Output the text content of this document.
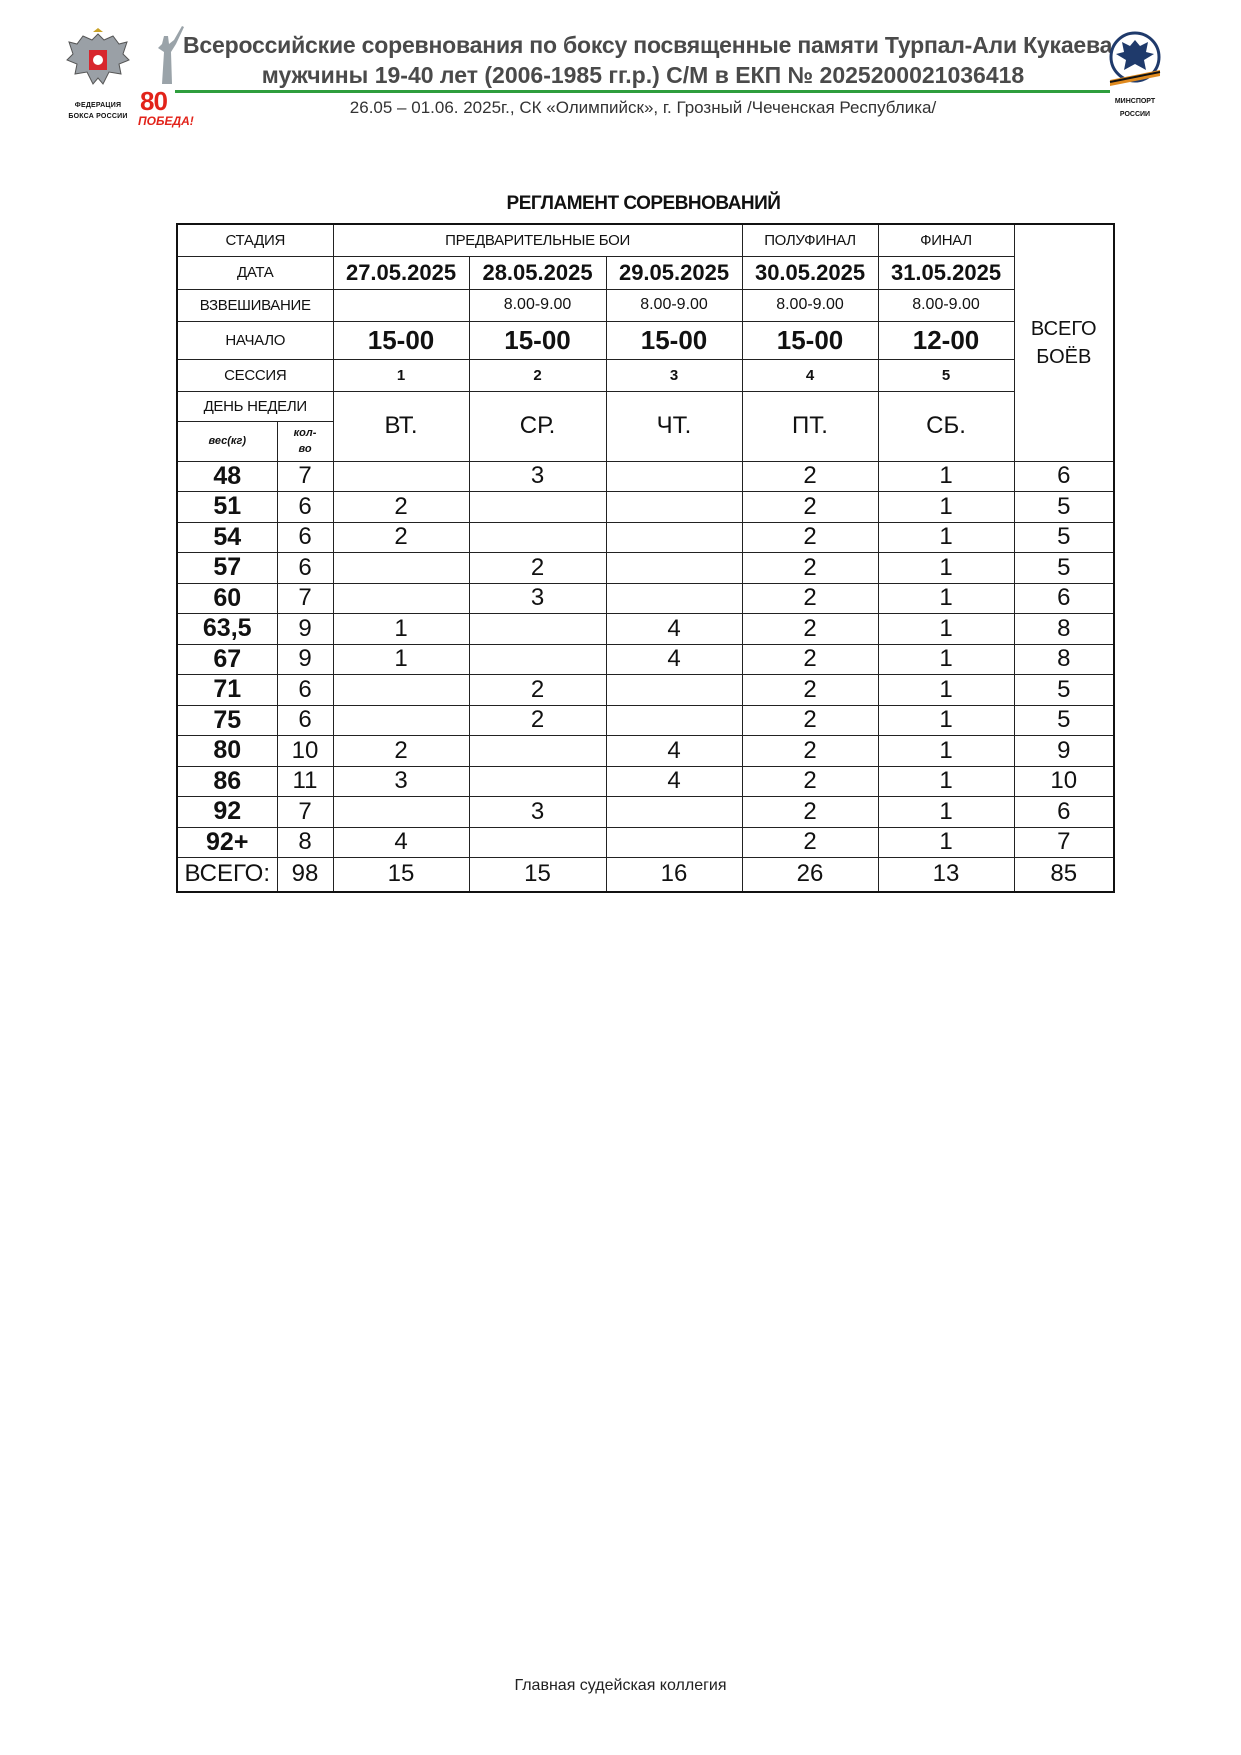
ФЕДЕРАЦИЯ
БОКСА РОССИИ
80
ПОБЕДА!
Всероссийские соревнования по боксу посвященные памяти Турпал-Али Кукаева
мужчины 19-40 лет (2006-1985 гг.р.) С/М в ЕКП № 2025200021036418
26.05 – 01.06. 2025г., СК «Олимпийск», г. Грозный /Чеченская Республика/	МИНСПОРТ
РОССИИ
РЕГЛАМЕНТ СОРЕВНОВАНИЙ
СТАДИЯ		ПРЕДВАРИТЕЛЬНЫЕ БОИ			ПОЛУФИНАЛ	ФИНАЛ	ВСЕГО
БОЁВ

ДАТА		27.05.2025	28.05.2025	29.05.2025	30.05.2025	31.05.2025	
ВЗВЕШИВАНИЕ			8.00-9.00	8.00-9.00	8.00-9.00	8.00-9.00	
НАЧАЛО		15-00	15-00	15-00	15-00	12-00	
СЕССИЯ		1	2	3	4	5	
ДЕНЬ НЕДЕЛИ		ВТ.	СР.	ЧТ.	ПТ.	СБ.	
вес(кг)	кол-
во						

48	7		3		2	1	6
51	6	2			2	1	5
54	6	2			2	1	5
57	6		2		2	1	5
60	7		3		2	1	6
63,5	9	1		4	2	1	8
67	9	1		4	2	1	8
71	6		2		2	1	5
75	6		2		2	1	5
80	10	2		4	2	1	9
86	11	3		4	2	1	10
92	7		3		2	1	6
92+	8	4			2	1	7
ВСЕГО:	98	15	15	16	26	13	85
Главная судейская коллегия
